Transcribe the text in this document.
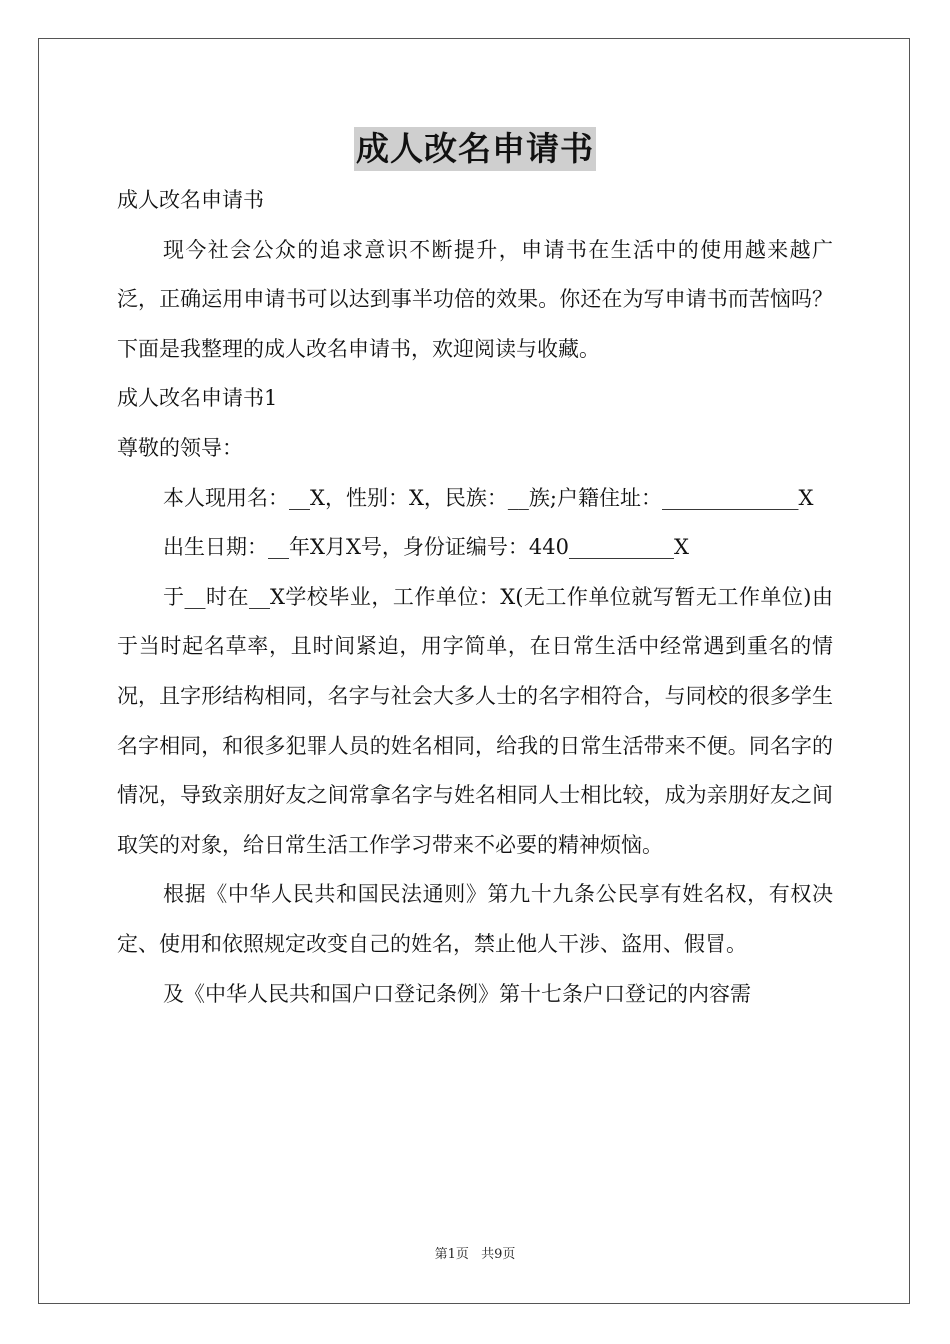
成人改名申请书

成人改名申请书

现今社会公众的追求意识不断提升，申请书在生活中的使用越来越广泛，正确运用申请书可以达到事半功倍的效果。你还在为写申请书而苦恼吗？下面是我整理的成人改名申请书，欢迎阅读与收藏。

成人改名申请书1

尊敬的领导：

本人现用名：__X，性别：X，民族：__族;户籍住址：_____________X

出生日期：__年X月X号，身份证编号：440__________X

于__时在__X学校毕业，工作单位：X(无工作单位就写暂无工作单位)由于当时起名草率，且时间紧迫，用字简单，在日常生活中经常遇到重名的情况，且字形结构相同，名字与社会大多人士的名字相符合，与同校的很多学生名字相同，和很多犯罪人员的姓名相同，给我的日常生活带来不便。同名字的情况，导致亲朋好友之间常拿名字与姓名相同人士相比较，成为亲朋好友之间取笑的对象，给日常生活工作学习带来不必要的精神烦恼。

根据《中华人民共和国民法通则》第九十九条公民享有姓名权，有权决定、使用和依照规定改变自己的姓名，禁止他人干涉、盗用、假冒。

及《中华人民共和国户口登记条例》第十七条户口登记的内容需

第1页 共9页
